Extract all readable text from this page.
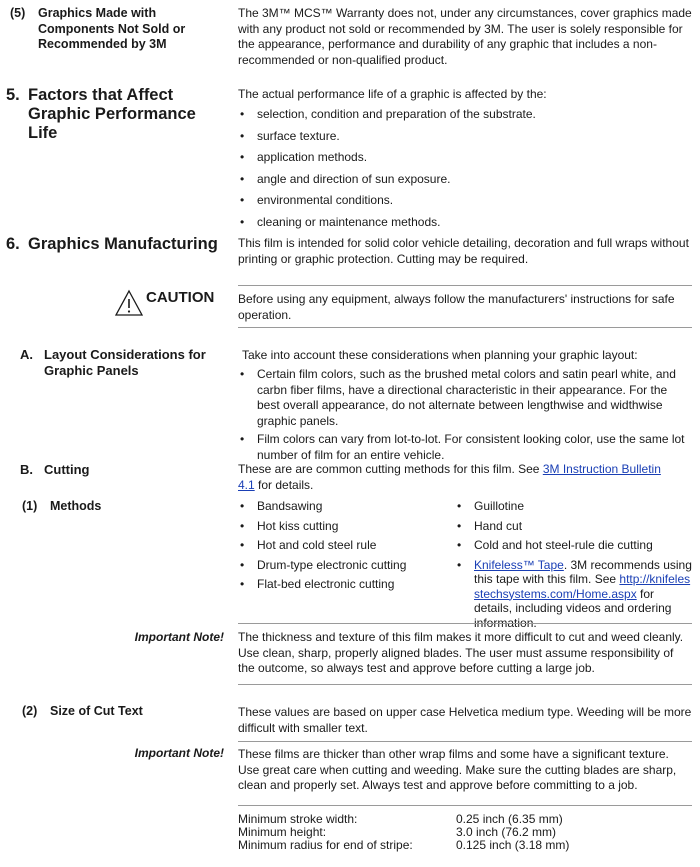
(5)	Graphics Made with Components Not Sold or Recommended by 3M
The 3M™ MCS™ Warranty does not, under any circumstances, cover graphics made with any product not sold or recommended by 3M. The user is solely responsible for the appearance, performance and durability of any graphic that includes a non-recommended or non-qualified product.
5. Factors that Affect Graphic Performance Life
The actual performance life of a graphic is affected by the:
• selection, condition and preparation of the substrate.
• surface texture.
• application methods.
• angle and direction of sun exposure.
• environmental conditions.
• cleaning or maintenance methods.
6. Graphics Manufacturing	This film is intended for solid color vehicle detailing, decoration and full wraps without printing or graphic protection. Cutting may be required.
CAUTION Before using any equipment, always follow the manufacturers' instructions for safe operation.
A. Layout Considerations for Graphic Panels
Take into account these considerations when planning your graphic layout:
• Certain film colors, such as the brushed metal colors and satin pearl white, and carbn fiber films, have a directional characteristic in their appearance. For the best overall appearance, do not alternate between lengthwise and widthwise graphic panels.
• Film colors can vary from lot-to-lot. For consistent looking color, use the same lot number of film for an entire vehicle.
B. Cutting	These are are common cutting methods for this film. See 3M Instruction Bulletin 4.1 for details.
(1) Methods	• Bandsawing
• Hot kiss cutting
• Hot and cold steel rule
• Drum-type electronic cutting
• Flat-bed electronic cutting
• Guillotine
• Hand cut
• Cold and hot steel-rule die cutting
• Knifeless™ Tape. 3M recommends using this tape with this film. See http://knifelesstechsystems.com/Home.aspx for details, including videos and ordering information.
Important Note! The thickness and texture of this film makes it more difficult to cut and weed cleanly. Use clean, sharp, properly aligned blades. The user must assume responsibility of the outcome, so always test and approve before cutting a large job.
(2) Size of Cut Text	These values are based on upper case Helvetica medium type. Weeding will be more difficult with smaller text.
Important Note! These films are thicker than other wrap films and some have a significant texture. Use great care when cutting and weeding. Make sure the cutting blades are sharp, clean and properly set. Always test and approve before committing to a job.
Minimum stroke width:	0.25 inch (6.35 mm)
Minimum height:	3.0 inch (76.2 mm)
Minimum radius for end of stripe:	0.125 inch (3.18 mm)
